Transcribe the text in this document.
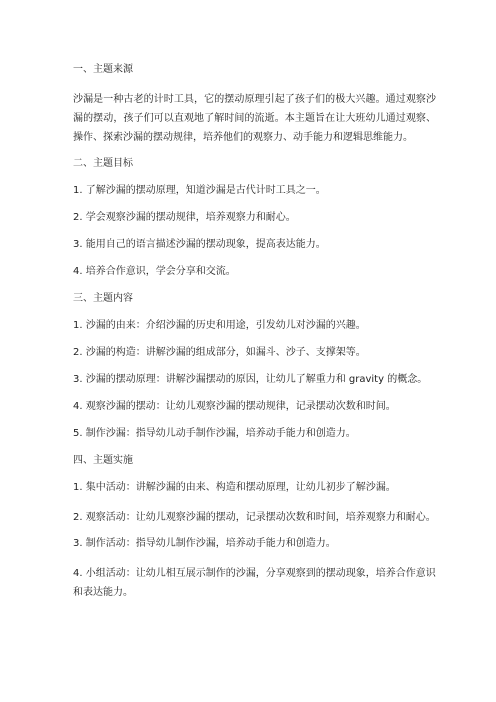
一、主题来源

沙漏是一种古老的计时工具，它的摆动原理引起了孩子们的极大兴趣。通过观察沙漏的摆动，孩子们可以直观地了解时间的流逝。本主题旨在让大班幼儿通过观察、操作、探索沙漏的摆动规律，培养他们的观察力、动手能力和逻辑思维能力。

二、主题目标

1. 了解沙漏的摆动原理，知道沙漏是古代计时工具之一。

2. 学会观察沙漏的摆动规律，培养观察力和耐心。

3. 能用自己的语言描述沙漏的摆动现象，提高表达能力。

4. 培养合作意识，学会分享和交流。

三、主题内容

1. 沙漏的由来：介绍沙漏的历史和用途，引发幼儿对沙漏的兴趣。

2. 沙漏的构造：讲解沙漏的组成部分，如漏斗、沙子、支撑架等。

3. 沙漏的摆动原理：讲解沙漏摆动的原因，让幼儿了解重力和 gravity 的概念。

4. 观察沙漏的摆动：让幼儿观察沙漏的摆动规律，记录摆动次数和时间。

5. 制作沙漏：指导幼儿动手制作沙漏，培养动手能力和创造力。

四、主题实施

1. 集中活动：讲解沙漏的由来、构造和摆动原理，让幼儿初步了解沙漏。

2. 观察活动：让幼儿观察沙漏的摆动，记录摆动次数和时间，培养观察力和耐心。

3. 制作活动：指导幼儿制作沙漏，培养动手能力和创造力。

4. 小组活动：让幼儿相互展示制作的沙漏，分享观察到的摆动现象，培养合作意识和表达能力。
